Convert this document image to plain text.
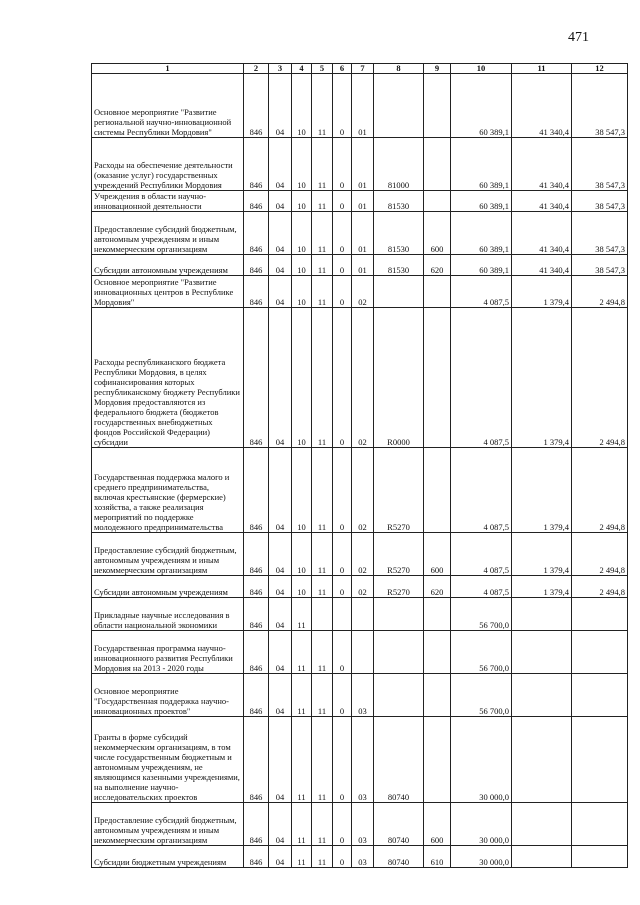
471
1	2	3	4	5	6	7	8	9	10	11	12
Основное мероприятие "Развитие региональной научно-инновационной системы Республики Мордовия"	846	04	10	11	0	01			60 389,1	41 340,4	38 547,3
Расходы на обеспечение деятельности (оказание услуг) государственных учреждений Республики Мордовия	846	04	10	11	0	01	81000		60 389,1	41 340,4	38 547,3
Учреждения в области научно-инновационной деятельности	846	04	10	11	0	01	81530		60 389,1	41 340,4	38 547,3
Предоставление субсидий бюджетным, автономным учреждениям и иным некоммерческим организациям	846	04	10	11	0	01	81530	600	60 389,1	41 340,4	38 547,3
Субсидии автономным учреждениям	846	04	10	11	0	01	81530	620	60 389,1	41 340,4	38 547,3
Основное мероприятие "Развитие инновационных центров в Республике Мордовия"	846	04	10	11	0	02			4 087,5	1 379,4	2 494,8
Расходы республиканского бюджета Республики Мордовия, в целях софинансирования которых республиканскому бюджету Республики Мордовия предоставляются из федерального бюджета (бюджетов государственных внебюджетных фондов Российской Федерации) субсидии	846	04	10	11	0	02	R0000		4 087,5	1 379,4	2 494,8
Государственная поддержка малого и среднего предпринимательства, включая крестьянские (фермерские) хозяйства, а также реализация мероприятий по поддержке молодежного предпринимательства	846	04	10	11	0	02	R5270		4 087,5	1 379,4	2 494,8
Предоставление субсидий бюджетным, автономным учреждениям и иным некоммерческим организациям	846	04	10	11	0	02	R5270	600	4 087,5	1 379,4	2 494,8
Субсидии автономным учреждениям	846	04	10	11	0	02	R5270	620	4 087,5	1 379,4	2 494,8
Прикладные научные исследования в области национальной экономики	846	04	11						56 700,0		
Государственная программа научно-инновационного развития Республики Мордовия на 2013 - 2020 годы	846	04	11	11	0				56 700,0		
Основное мероприятие "Государственная поддержка научно-инновационных проектов"	846	04	11	11	0	03			56 700,0		
Гранты в форме субсидий некоммерческим организациям, в том числе государственным бюджетным и автономным учреждениям, не являющимся казенными учреждениями, на выполнение научно-исследовательских проектов	846	04	11	11	0	03	80740		30 000,0		
Предоставление субсидий бюджетным, автономным учреждениям и иным некоммерческим организациям	846	04	11	11	0	03	80740	600	30 000,0		
Субсидии бюджетным учреждениям	846	04	11	11	0	03	80740	610	30 000,0		
